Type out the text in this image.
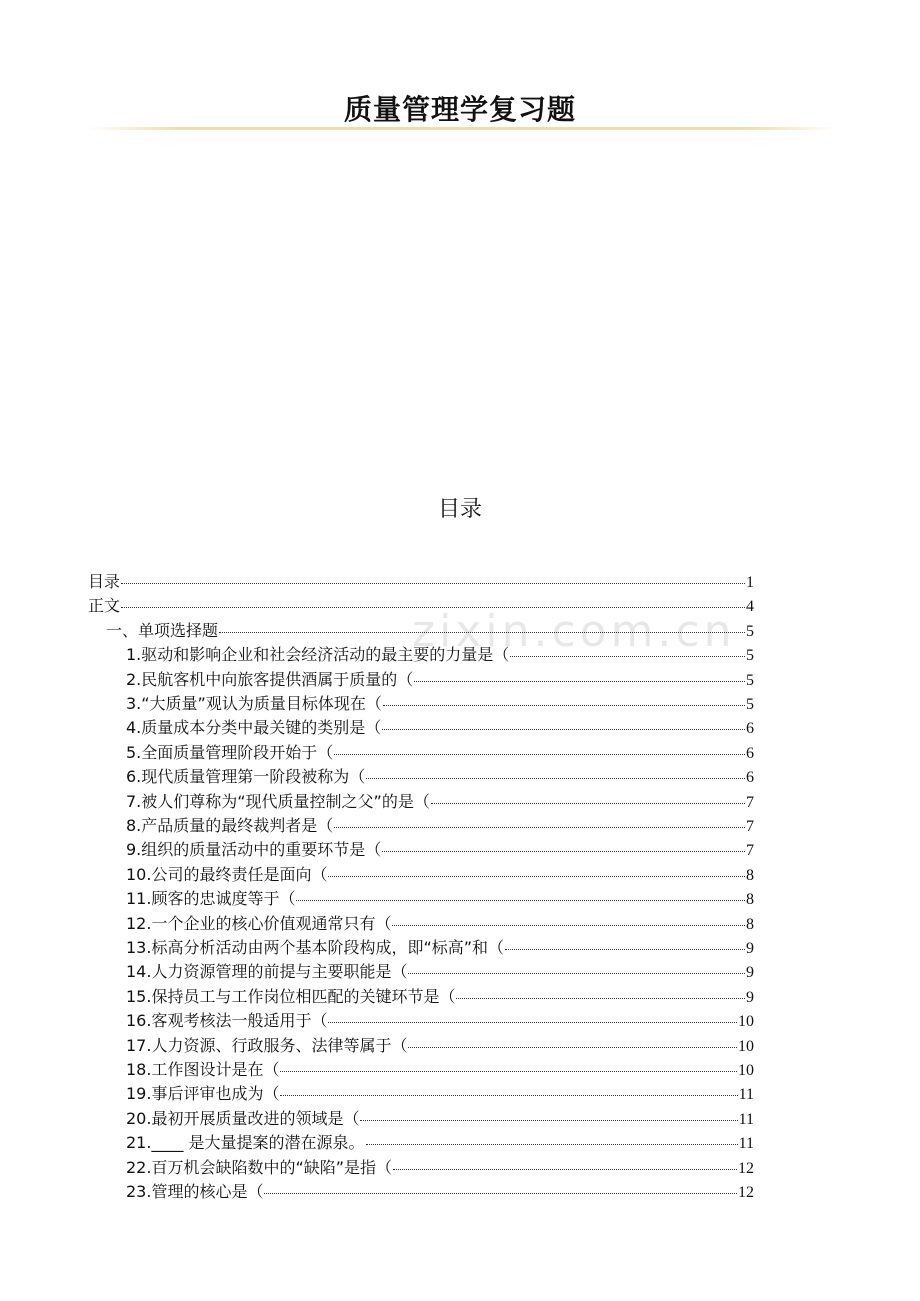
质量管理学复习题
目录
目录	1
正文	4
一、单项选择题	5
1.驱动和影响企业和社会经济活动的最主要的力量是（	5
2.民航客机中向旅客提供酒属于质量的（	5
3.“大质量”观认为质量目标体现在（	5
4.质量成本分类中最关键的类别是（	6
5.全面质量管理阶段开始于（	6
6.现代质量管理第一阶段被称为（	6
7.被人们尊称为“现代质量控制之父”的是（	7
8.产品质量的最终裁判者是（	7
9.组织的质量活动中的重要环节是（	7
10.公司的最终责任是面向（	8
11.顾客的忠诚度等于（	8
12.一个企业的核心价值观通常只有（	8
13.标高分析活动由两个基本阶段构成，即“标高”和（	9
14.人力资源管理的前提与主要职能是（	9
15.保持员工与工作岗位相匹配的关键环节是（	9
16.客观考核法一般适用于（	10
17.人力资源、行政服务、法律等属于（	10
18.工作图设计是在（	10
19.事后评审也成为（	11
20.最初开展质量改进的领域是（	11
21.____ 是大量提案的潜在源泉。	11
22.百万机会缺陷数中的“缺陷”是指（	12
23.管理的核心是（	12
zixin.com.cn
